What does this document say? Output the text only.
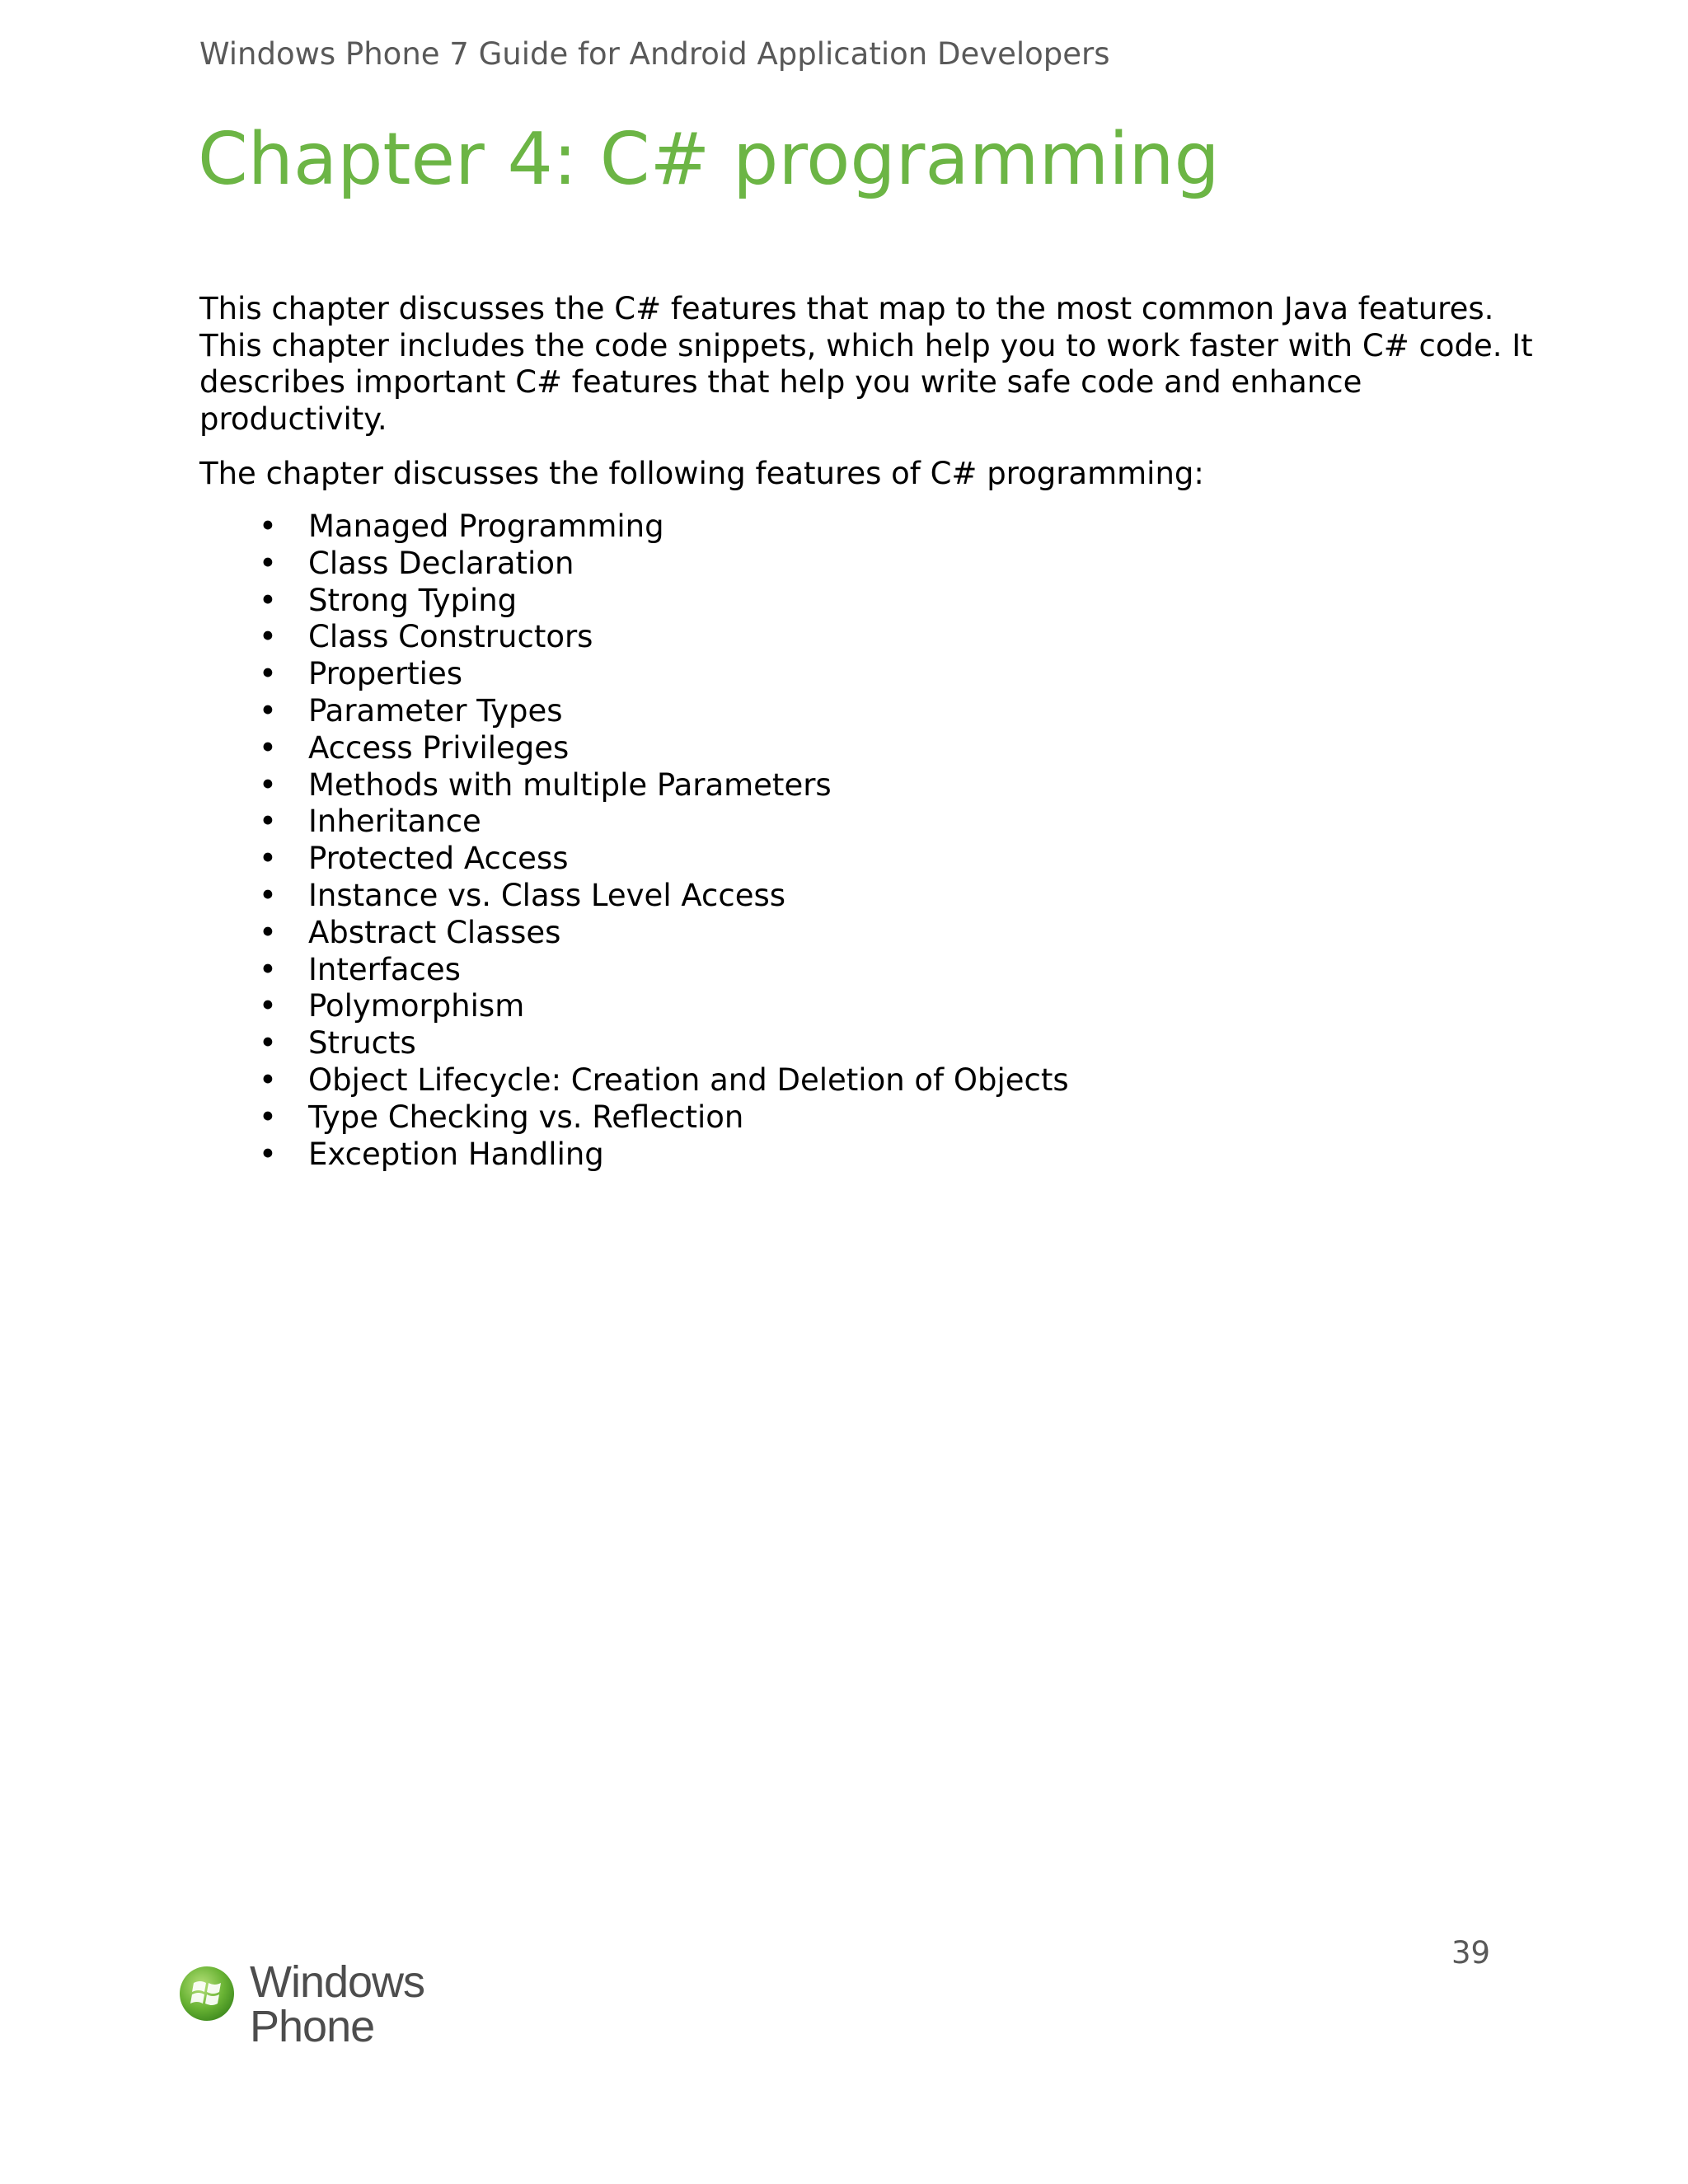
Windows Phone 7 Guide for Android Application Developers
Chapter 4: C# programming

This chapter discusses the C# features that map to the most common Java features. This chapter includes the code snippets, which help you to work faster with C# code. It describes important C# features that help you write safe code and enhance productivity.

The chapter discusses the following features of C# programming:

• Managed Programming
• Class Declaration
• Strong Typing
• Class Constructors
• Properties
• Parameter Types
• Access Privileges
• Methods with multiple Parameters
• Inheritance
• Protected Access
• Instance vs. Class Level Access
• Abstract Classes
• Interfaces
• Polymorphism
• Structs
• Object Lifecycle: Creation and Deletion of Objects
• Type Checking vs. Reflection
• Exception Handling
39
Windows
Phone
